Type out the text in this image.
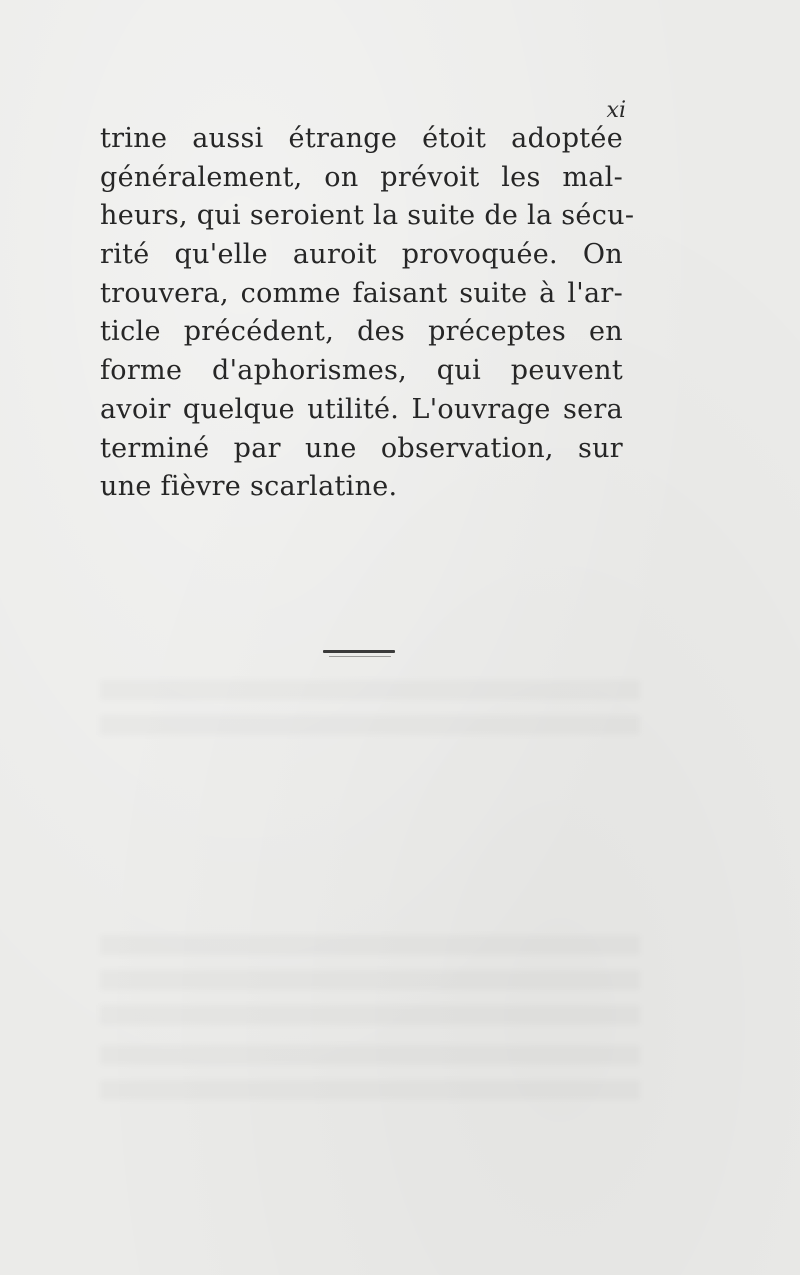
xi
trine aussi étrange étoit adoptée
généralement, on prévoit les mal-
heurs, qui seroient la suite de la sécu-
rité qu'elle auroit provoquée. On
trouvera, comme faisant suite à l'ar-
ticle précédent, des préceptes en
forme d'aphorismes, qui peuvent
avoir quelque utilité. L'ouvrage sera
terminé par une observation, sur
une fièvre scarlatine.
